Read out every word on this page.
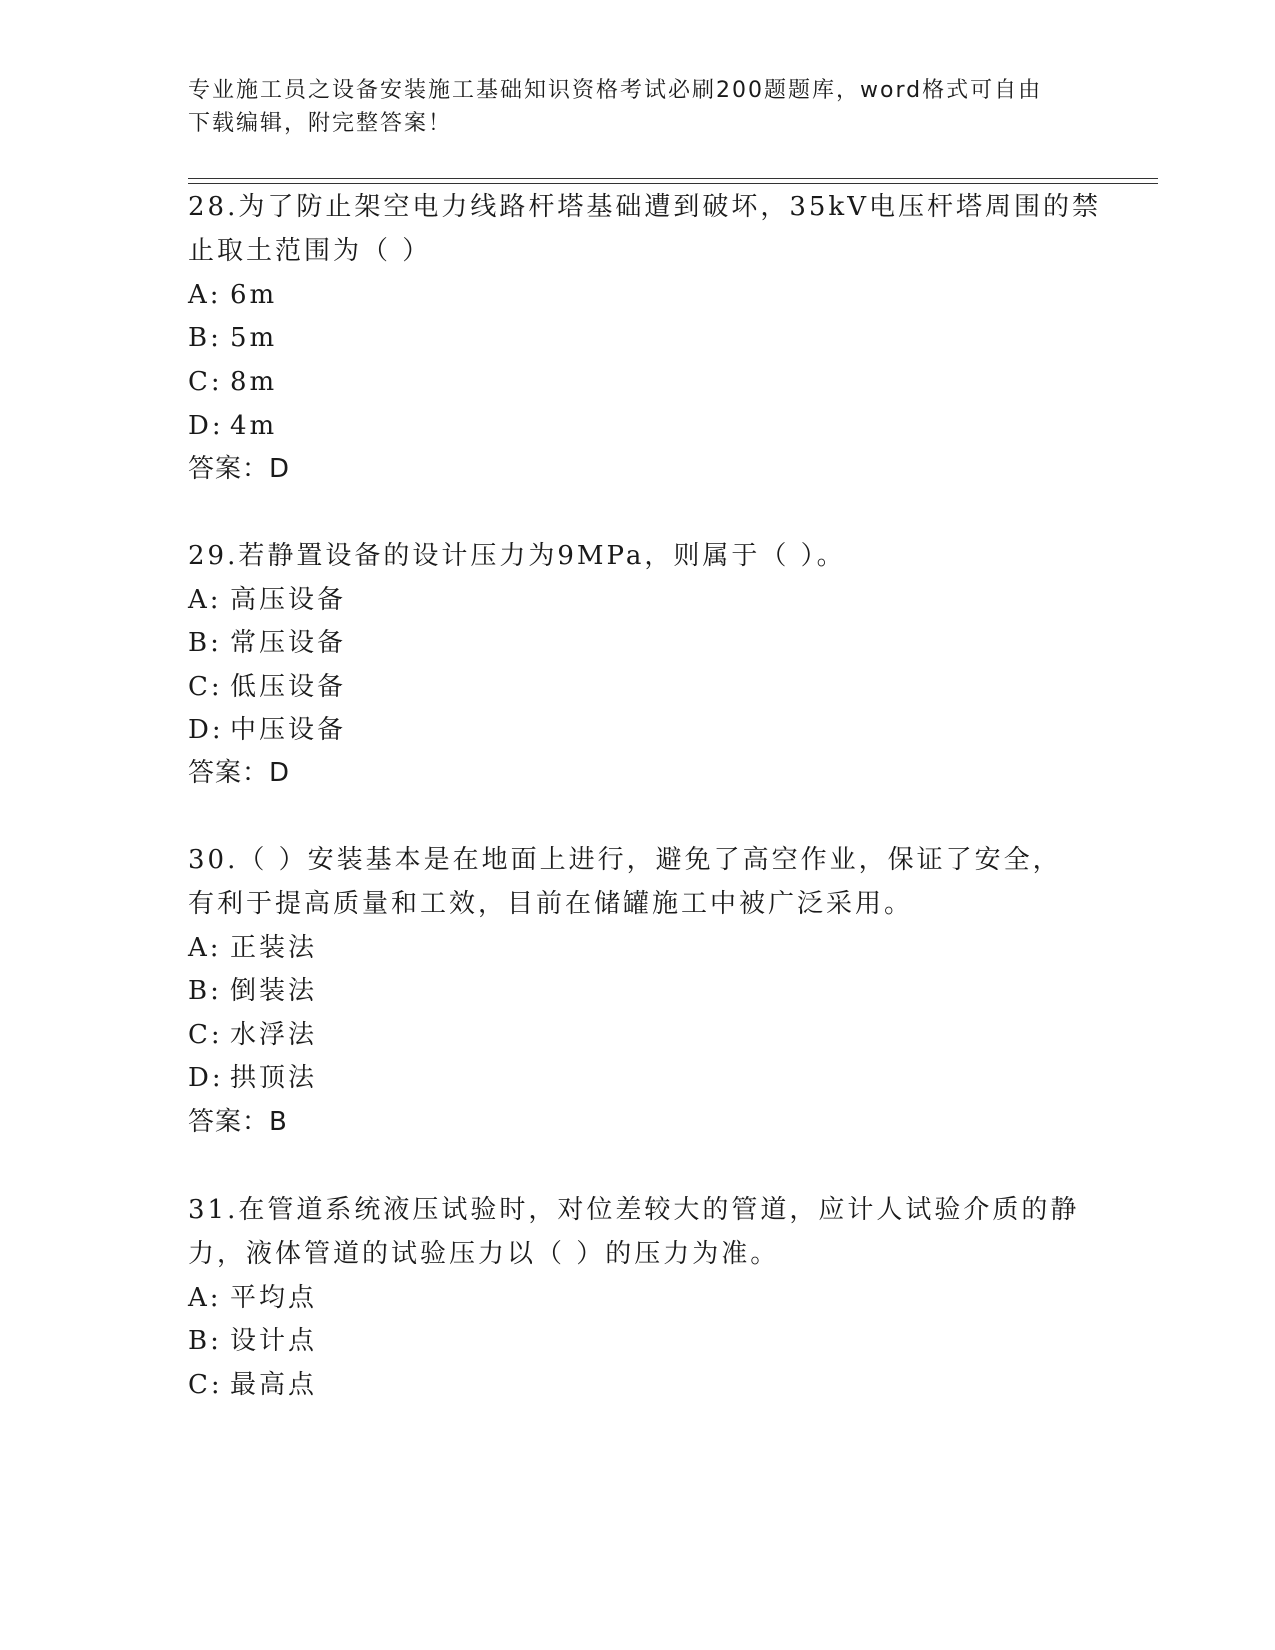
专业施工员之设备安装施工基础知识资格考试必刷200题题库，word格式可自由
下载编辑，附完整答案！
28.为了防止架空电力线路杆塔基础遭到破坏，35kV电压杆塔周围的禁
止取土范围为（ ）
A: 6m
B: 5m
C: 8m
D: 4m
答案：D
29.若静置设备的设计压力为9MPa，则属于（ ）。
A: 高压设备
B: 常压设备
C: 低压设备
D: 中压设备
答案：D
30.（ ）安装基本是在地面上进行，避免了高空作业，保证了安全，
有利于提高质量和工效，目前在储罐施工中被广泛采用。
A: 正装法
B: 倒装法
C: 水浮法
D: 拱顶法
答案：B
31.在管道系统液压试验时，对位差较大的管道，应计人试验介质的静
力，液体管道的试验压力以（ ）的压力为准。
A: 平均点
B: 设计点
C: 最高点
